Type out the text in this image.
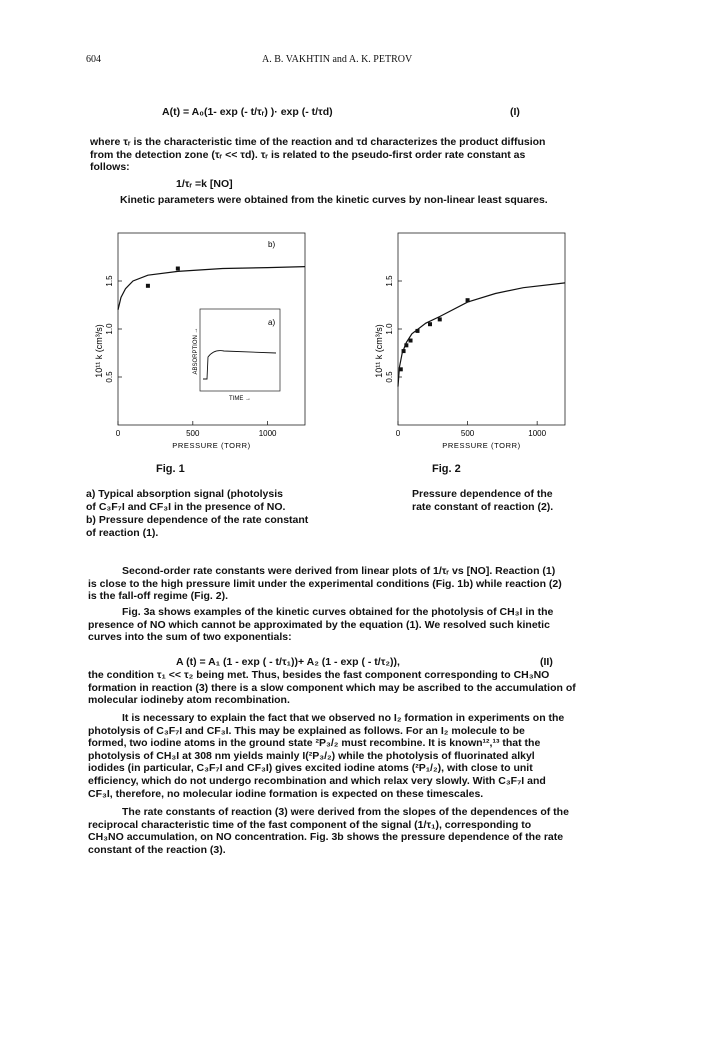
604	A. B. VAKHTIN and A. K. PETROV
A(t) = A₀(1- exp (- t/τᵣ) )· exp (- t/τd)	(I)
where τᵣ is the characteristic time of the reaction and τd characterizes the product diffusion
from the detection zone (τᵣ << τd). τᵣ is related to the pseudo-first order rate constant as
follows:
1/τᵣ =k [NO]
Kinetic parameters were obtained from the kinetic curves by non-linear least squares.
0.5
1.0
1.5
0	500	1000
PRESSURE (TORR)
10¹¹ k (cm³/s)
b)
a)
ABSORPTION →
TIME →
0.5
1.0
1.5
0	500	1000
PRESSURE (TORR)
10¹¹ k (cm³/s)
Fig. 1	Fig. 2
a) Typical absorption signal (photolysis
of C₃F₇I and CF₃I in the presence of NO.
b) Pressure dependence of the rate constant
of reaction (1).
Pressure dependence of the
rate constant of reaction (2).
Second-order rate constants were derived from linear plots of 1/τᵣ vs [NO]. Reaction (1)
is close to the high pressure limit under the experimental conditions (Fig. 1b) while reaction (2)
is the fall-off regime (Fig. 2).
Fig. 3a shows examples of the kinetic curves obtained for the photolysis of CH₃I in the
presence of NO which cannot be approximated by the equation (1). We resolved such kinetic
curves into the sum of two exponentials:
A (t) = A₁ (1 - exp ( - t/τ₁))+ A₂ (1 - exp ( - t/τ₂)),	(II)
the condition τ₁ << τ₂ being met. Thus, besides the fast component corresponding to CH₃NO
formation in reaction (3) there is a slow component which may be ascribed to the accumulation of
molecular iodineby atom recombination.
It is necessary to explain the fact that we observed no I₂ formation in experiments on the
photolysis of C₃F₇I and CF₃I. This may be explained as follows. For an I₂ molecule to be
formed, two iodine atoms in the ground state ²P₃/₂ must recombine. It is known¹²,¹³ that the
photolysis of CH₃I at 308 nm yields mainly I(²P₃/₂) while the photolysis of fluorinated alkyl
iodides (in particular, C₃F₇I and CF₃I) gives excited iodine atoms (²P₁/₂), with close to unit
efficiency, which do not undergo recombination and which relax very slowly. With C₃F₇I and
CF₃I, therefore, no molecular iodine formation is expected on these timescales.
The rate constants of reaction (3) were derived from the slopes of the dependences of the
reciprocal characteristic time of the fast component of the signal (1/τ₁), corresponding to
CH₃NO accumulation, on NO concentration. Fig. 3b shows the pressure dependence of the rate
constant of the reaction (3).
